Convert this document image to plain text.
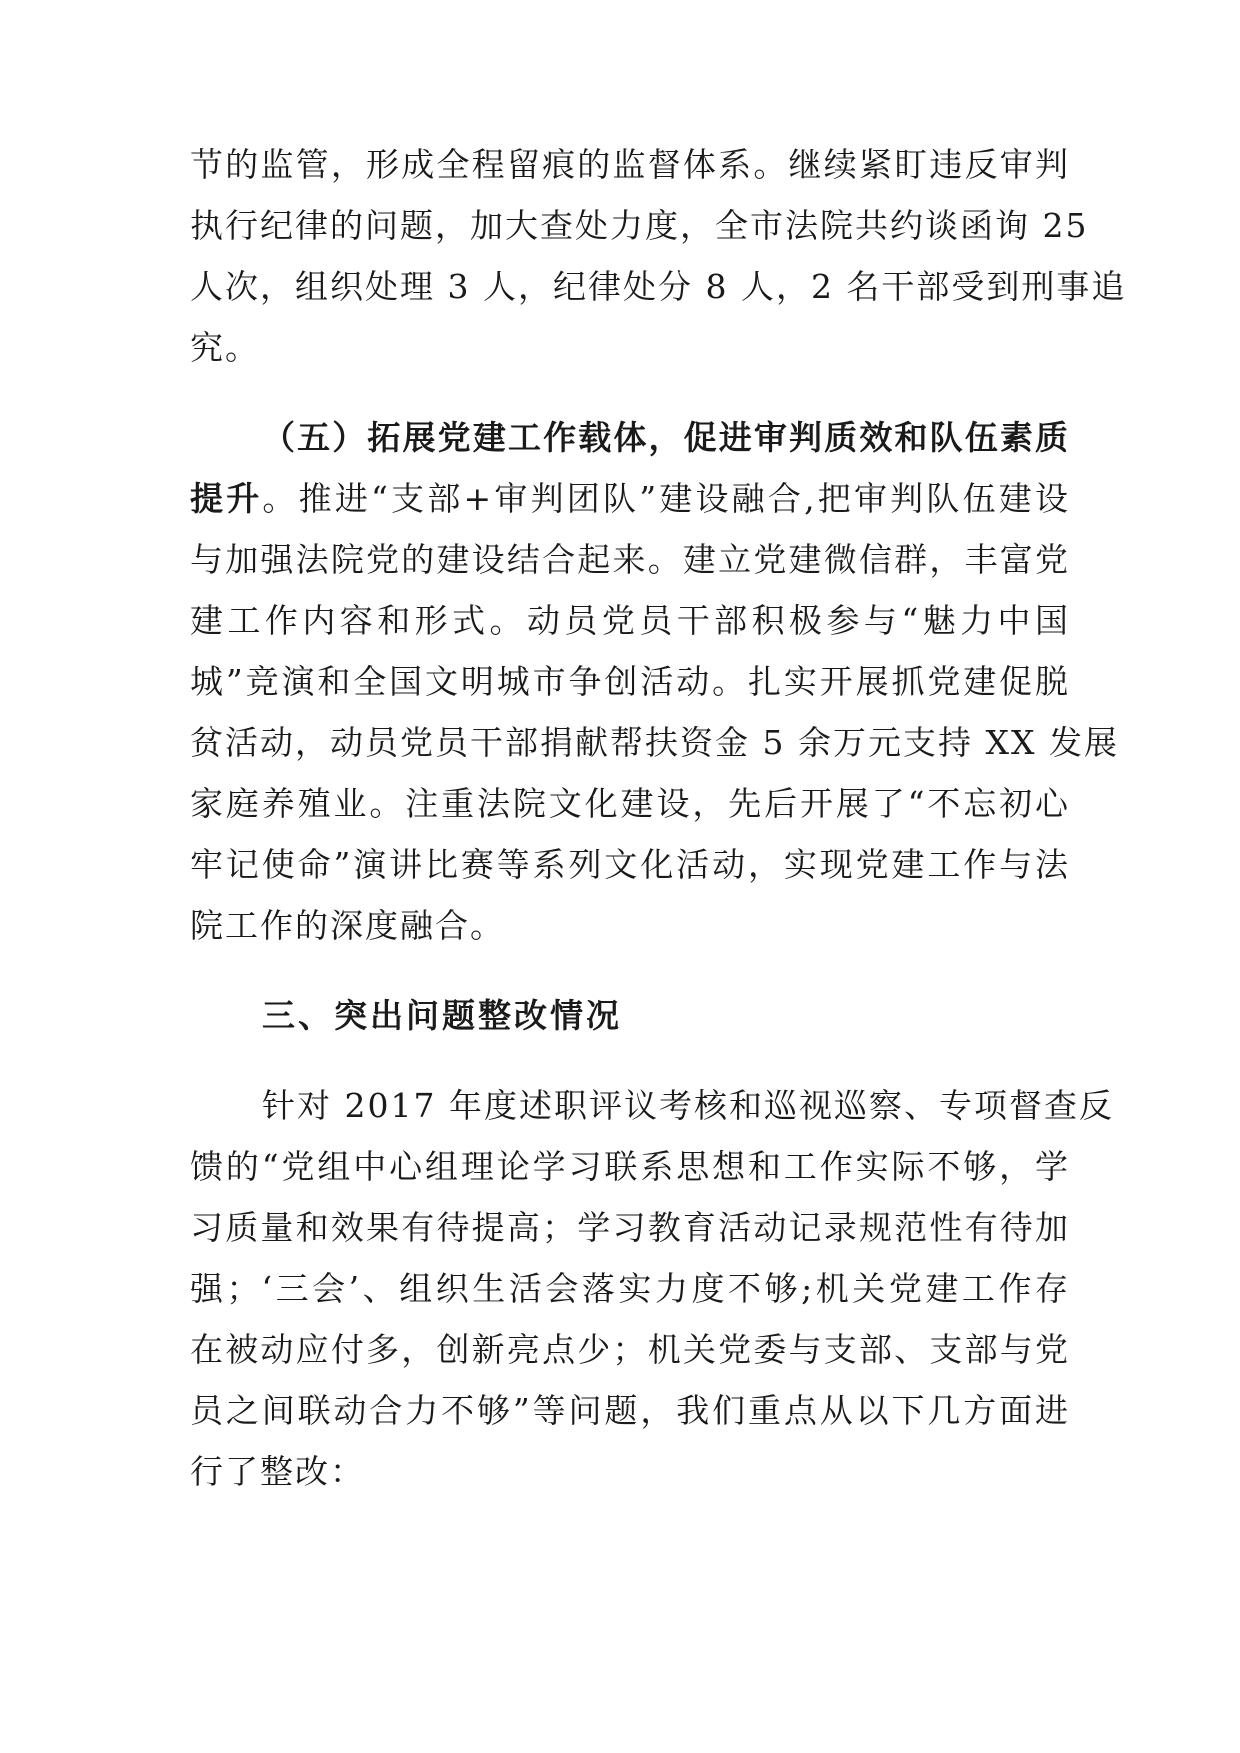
节的监管，形成全程留痕的监督体系。继续紧盯违反审判
执行纪律的问题，加大查处力度，全市法院共约谈函询 25
人次，组织处理 3 人，纪律处分 8 人，2 名干部受到刑事追
究。
（五）拓展党建工作载体，促进审判质效和队伍素质
提升。推进“支部+审判团队”建设融合,把审判队伍建设
与加强法院党的建设结合起来。建立党建微信群，丰富党
建工作内容和形式。动员党员干部积极参与“魅力中国
城”竞演和全国文明城市争创活动。扎实开展抓党建促脱
贫活动，动员党员干部捐献帮扶资金 5 余万元支持 XX 发展
家庭养殖业。注重法院文化建设，先后开展了“不忘初心
牢记使命”演讲比赛等系列文化活动，实现党建工作与法
院工作的深度融合。
三、突出问题整改情况
针对 2017 年度述职评议考核和巡视巡察、专项督查反
馈的“党组中心组理论学习联系思想和工作实际不够，学
习质量和效果有待提高；学习教育活动记录规范性有待加
强；‘三会’、组织生活会落实力度不够;机关党建工作存
在被动应付多，创新亮点少；机关党委与支部、支部与党
员之间联动合力不够”等问题，我们重点从以下几方面进
行了整改：
